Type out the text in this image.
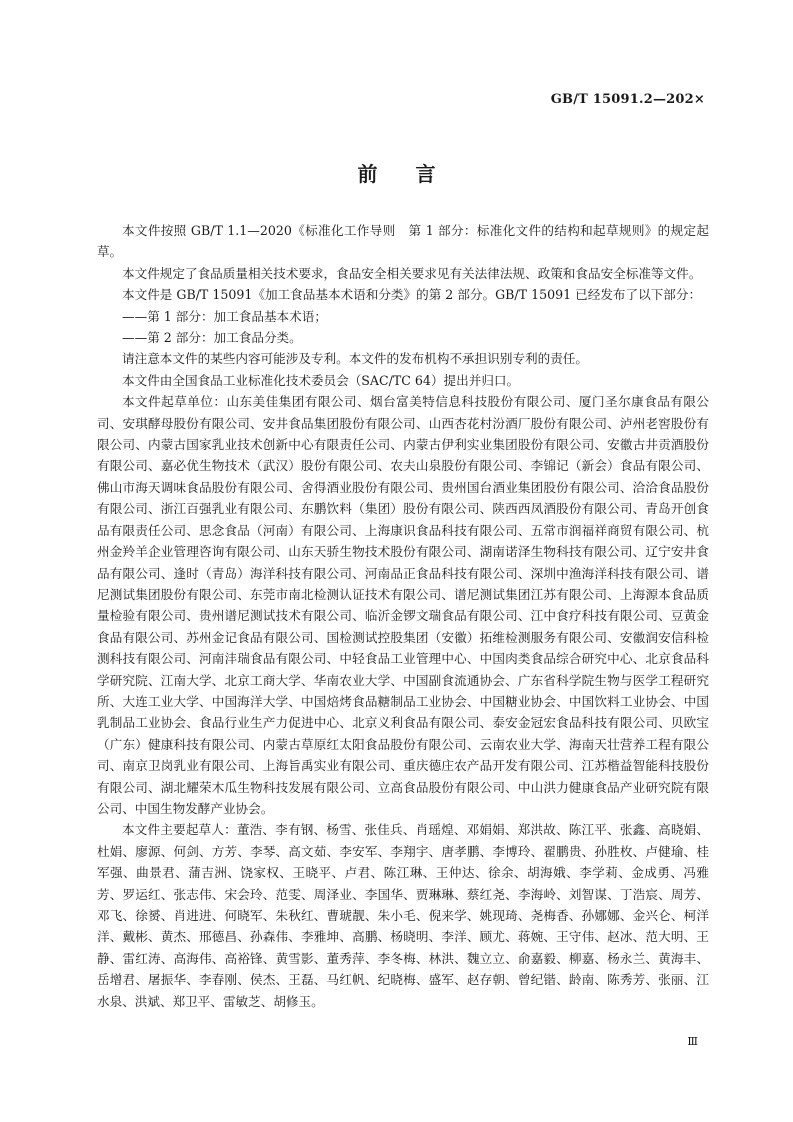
GB/T 15091.2—202×
前言

本文件按照 GB/T 1.1—2020《标准化工作导则　第 1 部分：标准化文件的结构和起草规则》的规定起草。

本文件规定了食品质量相关技术要求，食品安全相关要求见有关法律法规、政策和食品安全标准等文件。

本文件是 GB/T 15091《加工食品基本术语和分类》的第 2 部分。GB/T 15091 已经发布了以下部分：

——第 1 部分：加工食品基本术语；

——第 2 部分：加工食品分类。

请注意本文件的某些内容可能涉及专利。本文件的发布机构不承担识别专利的责任。

本文件由全国食品工业标准化技术委员会（SAC/TC 64）提出并归口。

本文件起草单位：山东美佳集团有限公司、烟台富美特信息科技股份有限公司、厦门圣尔康食品有限公司、安琪酵母股份有限公司、安井食品集团股份有限公司、山西杏花村汾酒厂股份有限公司、泸州老窖股份有限公司、内蒙古国家乳业技术创新中心有限责任公司、内蒙古伊利实业集团股份有限公司、安徽古井贡酒股份有限公司、嘉必优生物技术（武汉）股份有限公司、农夫山泉股份有限公司、李锦记（新会）食品有限公司、佛山市海天调味食品股份有限公司、舍得酒业股份有限公司、贵州国台酒业集团股份有限公司、洽洽食品股份有限公司、浙江百强乳业有限公司、东鹏饮料（集团）股份有限公司、陕西西凤酒股份有限公司、青岛开创食品有限责任公司、思念食品（河南）有限公司、上海康识食品科技有限公司、五常市润福祥商贸有限公司、杭州金羚羊企业管理咨询有限公司、山东天骄生物技术股份有限公司、湖南诺泽生物科技有限公司、辽宁安井食品有限公司、逢时（青岛）海洋科技有限公司、河南品正食品科技有限公司、深圳中渔海洋科技有限公司、谱尼测试集团股份有限公司、东莞市南北检测认证技术有限公司、谱尼测试集团江苏有限公司、上海源本食品质量检验有限公司、贵州谱尼测试技术有限公司、临沂金锣文瑞食品有限公司、江中食疗科技有限公司、豆黄金食品有限公司、苏州金记食品有限公司、国检测试控股集团（安徽）拓维检测服务有限公司、安徽润安信科检测科技有限公司、河南沣瑞食品有限公司、中轻食品工业管理中心、中国肉类食品综合研究中心、北京食品科学研究院、江南大学、北京工商大学、华南农业大学、中国副食流通协会、广东省科学院生物与医学工程研究所、大连工业大学、中国海洋大学、中国焙烤食品糖制品工业协会、中国糖业协会、中国饮料工业协会、中国乳制品工业协会、食品行业生产力促进中心、北京义利食品有限公司、泰安金冠宏食品科技有限公司、贝欧宝（广东）健康科技有限公司、内蒙古草原红太阳食品股份有限公司、云南农业大学、海南天壮营养工程有限公司、南京卫岗乳业有限公司、上海旨禹实业有限公司、重庆德庄农产品开发有限公司、江苏楷益智能科技股份有限公司、湖北耀荣木瓜生物科技发展有限公司、立高食品股份有限公司、中山洪力健康食品产业研究院有限公司、中国生物发酵产业协会。

本文件主要起草人：董浩、李有钢、杨雪、张佳兵、肖瑶煌、邓娟娟、郑洪故、陈江平、张鑫、高晓娟、杜娟、廖源、何剑、方芳、李琴、高文茹、李安军、李翔宇、唐孝鹏、李博玲、翟鹏贵、孙胜枚、卢健瑜、桂军强、曲景君、蒲吉洲、饶家权、王晓平、卢君、陈江琳、王仲达、徐余、胡海娥、李学莉、金成勇、冯雅芳、罗运红、张志伟、宋会玲、范雯、周泽业、李国华、贾琳琳、蔡红尧、李海岭、刘智谋、丁浩宸、周芳、邓飞、徐赟、肖进进、何晓军、朱秋红、曹琥靓、朱小毛、倪来学、姚现琦、尧梅香、孙娜娜、金兴仑、柯洋洋、戴彬、黄杰、邢德昌、孙森伟、李雅坤、高鹏、杨晓明、李洋、顾尤、蒋婉、王守伟、赵冰、范大明、王静、雷红涛、高海伟、高裕锋、黄雪影、董秀萍、李冬梅、林洪、魏立立、俞嘉毅、柳嘉、杨永兰、黄海丰、岳增君、屠振华、李春刚、侯杰、王磊、马红帆、纪晓梅、盛军、赵存朝、曾纪锴、龄南、陈秀芳、张丽、江水泉、洪斌、郑卫平、雷敏芝、胡修玉。

Ⅲ
